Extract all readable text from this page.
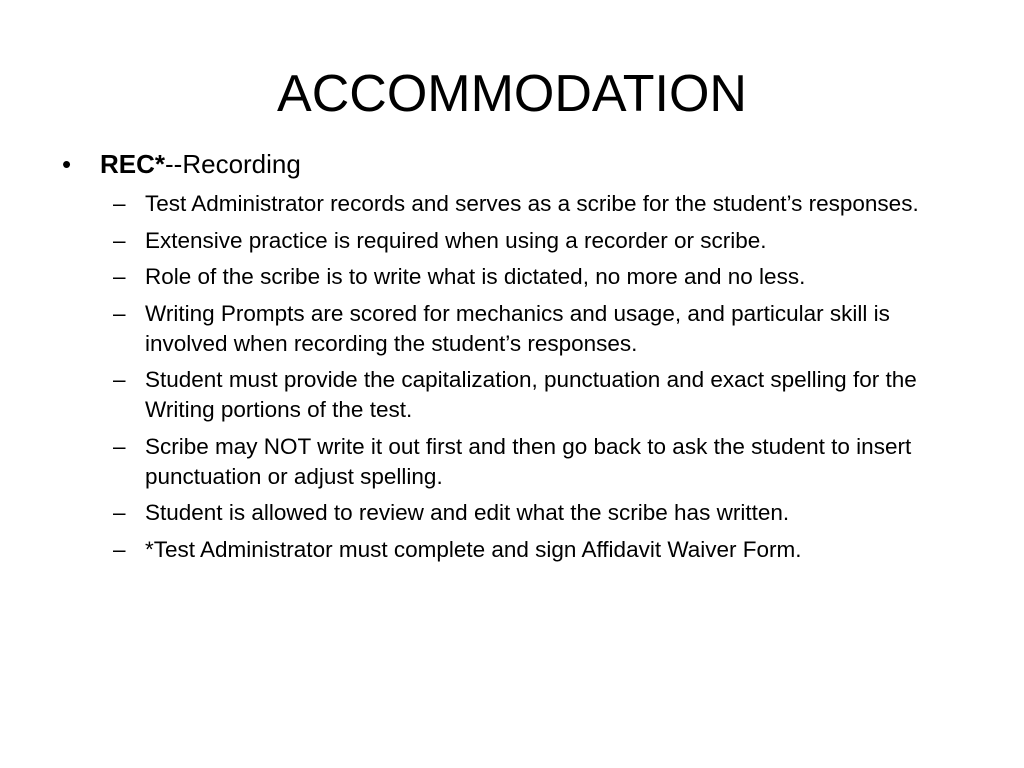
ACCOMMODATION
•	REC*--Recording
– Test Administrator records and serves as a scribe for the student’s responses.
– Extensive practice is required when using a recorder or scribe.
– Role of the scribe is to write what is dictated, no more and no less.
– Writing Prompts are scored for mechanics and usage, and particular skill is involved when recording the student’s responses.
– Student must provide the capitalization, punctuation and exact spelling for the Writing portions of the test.
– Scribe may NOT write it out first and then go back to ask the student to insert punctuation or adjust spelling.
– Student is allowed to review and edit what the scribe has written.
– *Test Administrator must complete and sign Affidavit Waiver Form.
